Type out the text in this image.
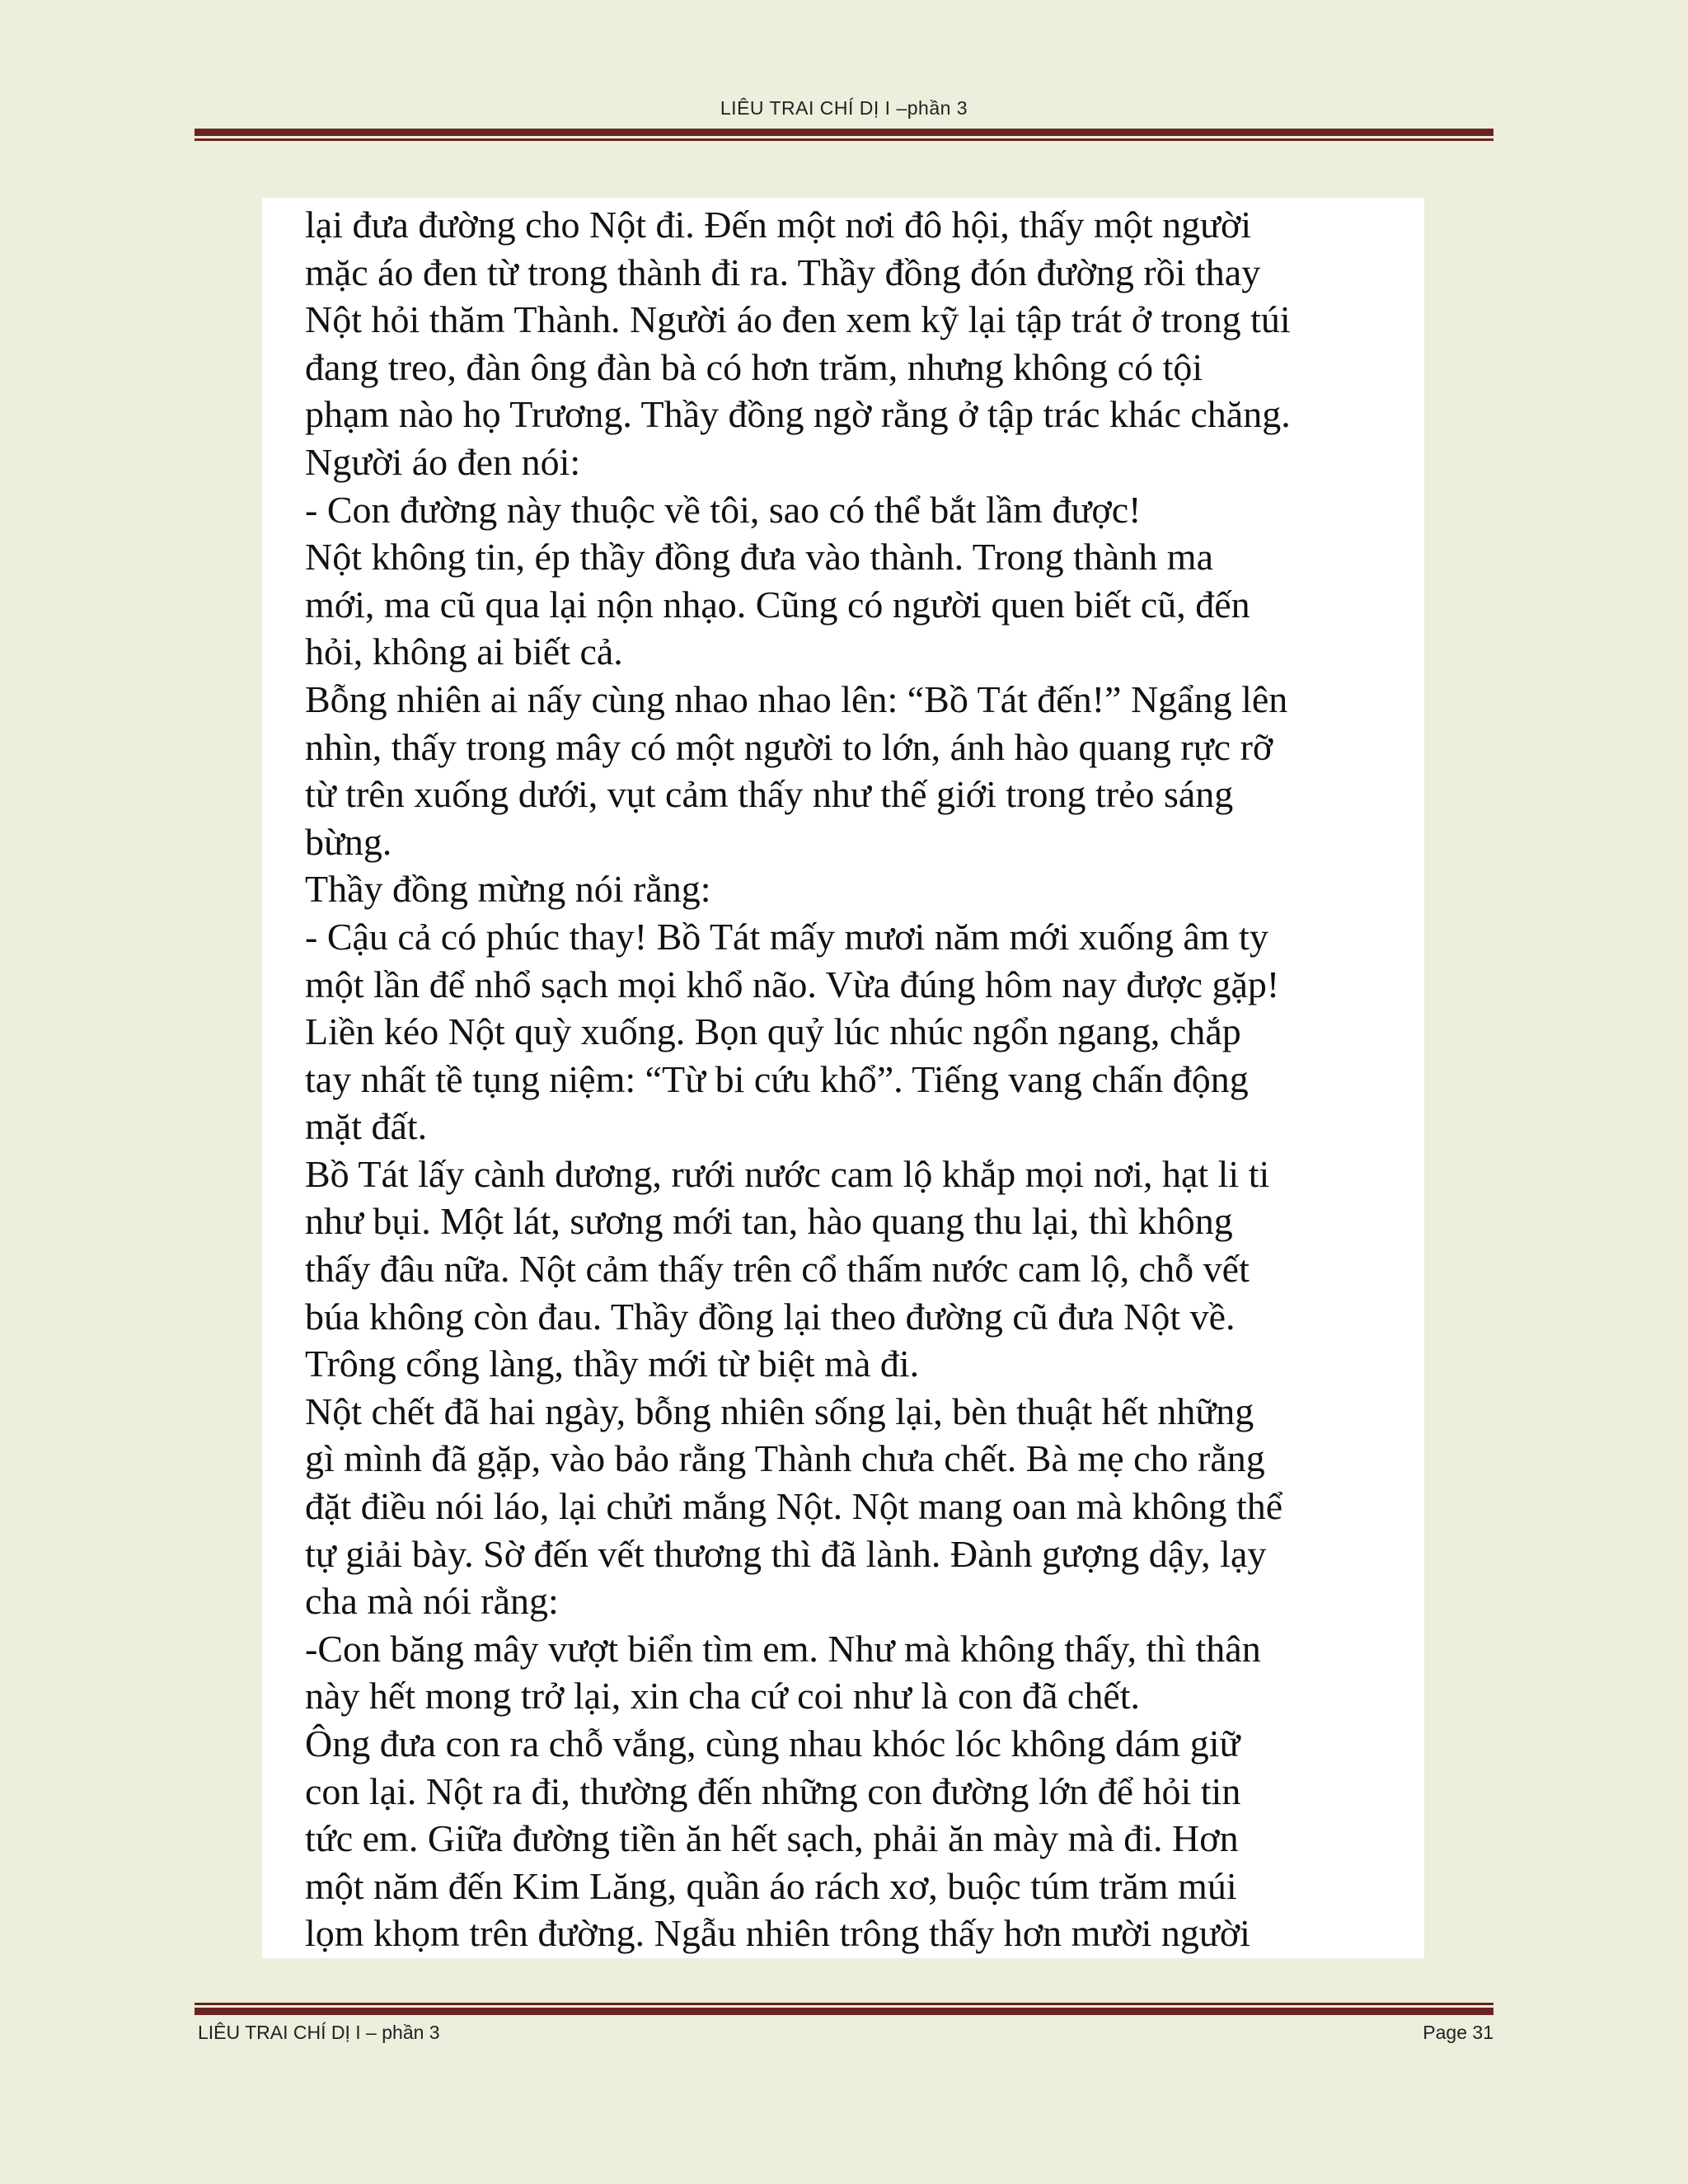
LIÊU TRAI CHÍ DỊ I –phần 3
lại đưa đường cho Nột đi. Đến một nơi đô hội, thấy một người
mặc áo đen từ trong thành đi ra. Thầy đồng đón đường rồi thay
Nột hỏi thăm Thành. Người áo đen xem kỹ lại tập trát ở trong túi
đang treo, đàn ông đàn bà có hơn trăm, nhưng không có tội
phạm nào họ Trương. Thầy đồng ngờ rằng ở tập trác khác chăng.
Người áo đen nói:
- Con đường này thuộc về tôi, sao có thể bắt lầm được!
Nột không tin, ép thầy đồng đưa vào thành. Trong thành ma
mới, ma cũ qua lại nộn nhạo. Cũng có người quen biết cũ, đến
hỏi, không ai biết cả.
Bỗng nhiên ai nấy cùng nhao nhao lên: “Bồ Tát đến!” Ngẩng lên
nhìn, thấy trong mây có một người to lớn, ánh hào quang rực rỡ
từ trên xuống dưới, vụt cảm thấy như thế giới trong trẻo sáng
bừng.
Thầy đồng mừng nói rằng:
- Cậu cả có phúc thay! Bồ Tát mấy mươi năm mới xuống âm ty
một lần để nhổ sạch mọi khổ não. Vừa đúng hôm nay được gặp!
Liền kéo Nột quỳ xuống. Bọn quỷ lúc nhúc ngổn ngang, chắp
tay nhất tề tụng niệm: “Từ bi cứu khổ”. Tiếng vang chấn động
mặt đất.
Bồ Tát lấy cành dương, rưới nước cam lộ khắp mọi nơi, hạt li ti
như bụi. Một lát, sương mới tan, hào quang thu lại, thì không
thấy đâu nữa. Nột cảm thấy trên cổ thấm nước cam lộ, chỗ vết
búa không còn đau. Thầy đồng lại theo đường cũ đưa Nột về.
Trông cổng làng, thầy mới từ biệt mà đi.
Nột chết đã hai ngày, bỗng nhiên sống lại, bèn thuật hết những
gì mình đã gặp, vào bảo rằng Thành chưa chết. Bà mẹ cho rằng
đặt điều nói láo, lại chửi mắng Nột. Nột mang oan mà không thể
tự giải bày. Sờ đến vết thương thì đã lành. Đành gượng dậy, lạy
cha mà nói rằng:
-Con băng mây vượt biển tìm em. Như mà không thấy, thì thân
này hết mong trở lại, xin cha cứ coi như là con đã chết.
Ông đưa con ra chỗ vắng, cùng nhau khóc lóc không dám giữ
con lại. Nột ra đi, thường đến những con đường lớn để hỏi tin
tức em. Giữa đường tiền ăn hết sạch, phải ăn mày mà đi. Hơn
một năm đến Kim Lăng, quần áo rách xơ, buộc túm trăm múi
lọm khọm trên đường. Ngẫu nhiên trông thấy hơn mười người
LIÊU TRAI CHÍ DỊ I – phần 3	Page 31
